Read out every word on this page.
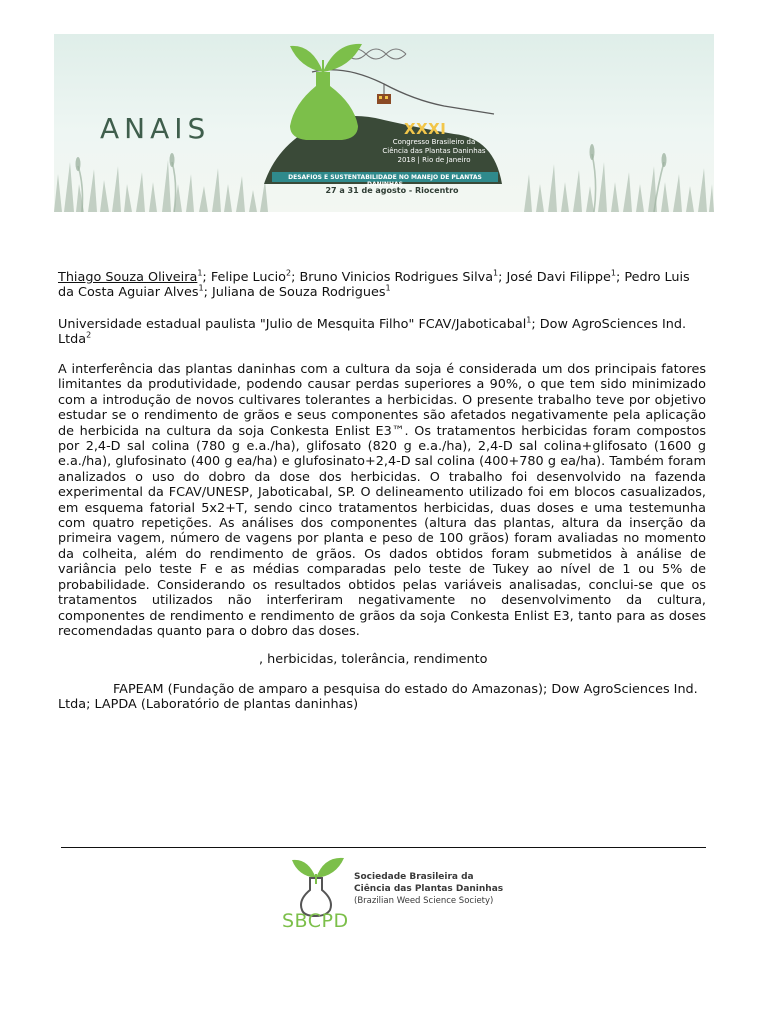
ANAIS	XXXI
Congresso Brasileiro da
Ciência das Plantas Daninhas
2018 | Rio de Janeiro
DESAFIOS E SUSTENTABILIDADE NO MANEJO DE PLANTAS DANINHAS
27 a 31 de agosto - Riocentro
Thiago Souza Oliveira$^1$; Felipe Lucio$^2$; Bruno Vinicios Rodrigues Silva$^1$; José Davi Filippe$^1$; Pedro Luis da Costa Aguiar Alves$^1$; Juliana de Souza Rodrigues$^1$
Universidade estadual paulista "Julio de Mesquita Filho" FCAV/Jaboticabal$^1$; Dow AgroSciences Ind. Ltda$^2$
A interferência das plantas daninhas com a cultura da soja é considerada um dos principais fatores limitantes da produtividade, podendo causar perdas superiores a 90%, o que tem sido minimizado com a introdução de novos cultivares tolerantes a herbicidas. O presente trabalho teve por objetivo estudar se o rendimento de grãos e seus componentes são afetados negativamente pela aplicação de herbicida na cultura da soja Conkesta Enlist E3™. Os tratamentos herbicidas foram compostos por 2,4-D sal colina (780 g e.a./ha), glifosato (820 g e.a./ha), 2,4-D sal colina+glifosato (1600 g e.a./ha), glufosinato (400 g ea/ha) e glufosinato+2,4-D sal colina (400+780 g ea/ha). Também foram analizados o uso do dobro da dose dos herbicidas. O trabalho foi desenvolvido na fazenda experimental da FCAV/UNESP, Jaboticabal, SP. O delineamento utilizado foi em blocos casualizados, em esquema fatorial 5x2+T, sendo cinco tratamentos herbicidas, duas doses e uma testemunha com quatro repetições. As análises dos componentes (altura das plantas, altura da inserção da primeira vagem, número de vagens por planta e peso de 100 grãos) foram avaliadas no momento da colheita, além do rendimento de grãos. Os dados obtidos foram submetidos à análise de variância pelo teste F e as médias comparadas pelo teste de Tukey ao nível de 1 ou 5% de probabilidade. Considerando os resultados obtidos pelas variáveis analisadas, conclui-se que os tratamentos utilizados não interferiram negativamente no desenvolvimento da cultura, componentes de rendimento e rendimento de grãos da soja Conkesta Enlist E3, tanto para as doses recomendadas quanto para o dobro das doses.
, herbicidas, tolerância, rendimento
FAPEAM (Fundação de amparo a pesquisa do estado do Amazonas); Dow AgroSciences Ind. Ltda; LAPDA (Laboratório de plantas daninhas)
SBCPD
Sociedade Brasileira da
Ciência das Plantas Daninhas
(Brazilian Weed Science Society)
